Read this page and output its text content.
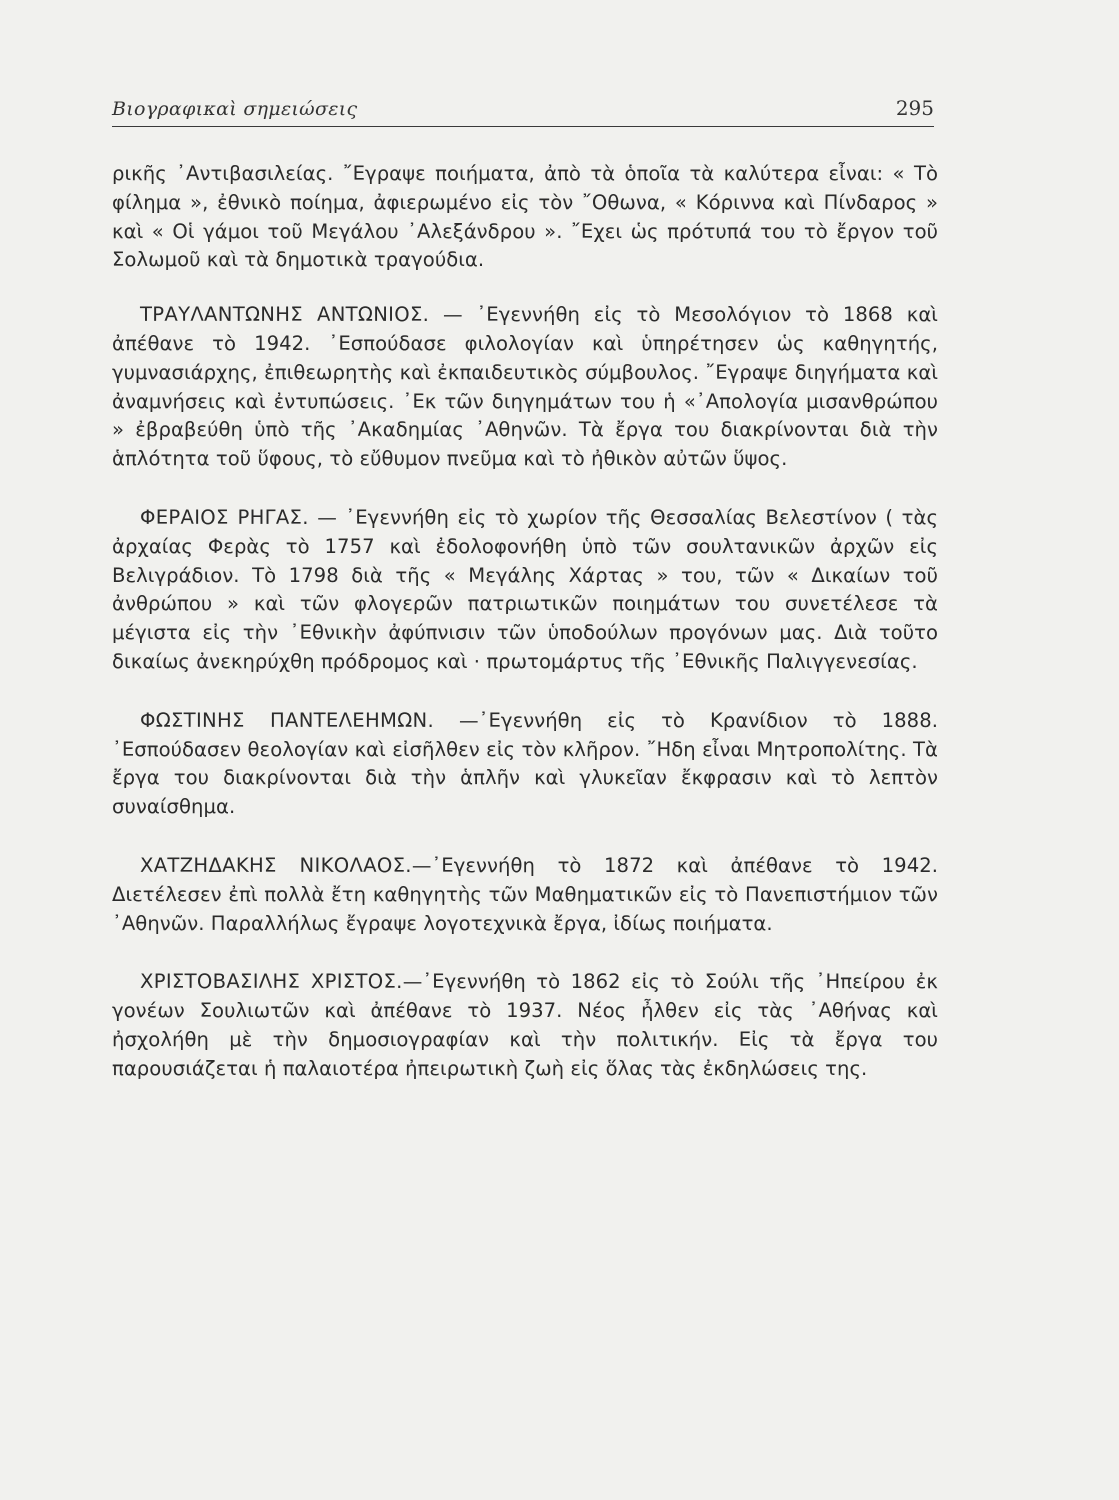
Βιογραφικαὶ σημειώσεις	295

ρικῆς ᾿Αντιβασιλείας. ῎Εγραψε ποιήματα, ἀπὸ τὰ ὁποῖα τὰ καλύτερα εἶναι: « Τὸ φίλημα », ἐθνικὸ ποίημα, ἀφιερωμένο εἰς τὸν ῎Οθωνα, « Κόριννα καὶ Πίνδαρος » καὶ « Οἱ γάμοι τοῦ Μεγάλου ᾿Αλεξάνδρου ». ῎Εχει ὡς πρότυπά του τὸ ἔργον τοῦ Σολωμοῦ καὶ τὰ δημοτικὰ τραγούδια.

ΤΡΑΥΛΑΝΤΩΝΗΣ ΑΝΤΩΝΙΟΣ. — ᾿Εγεννήθη εἰς τὸ Μεσολόγιον τὸ 1868 καὶ ἀπέθανε τὸ 1942. ᾿Εσπούδασε φιλολογίαν καὶ ὑπηρέτησεν ὡς καθηγητής, γυμνασιάρχης, ἐπιθεωρητὴς καὶ ἐκπαιδευτικὸς σύμβουλος. ῎Εγραψε διηγήματα καὶ ἀναμνήσεις καὶ ἐντυπώσεις. ᾿Εκ τῶν διηγημάτων του ἡ «᾿Απολογία μισανθρώπου » ἐβραβεύθη ὑπὸ τῆς ᾿Ακαδημίας ᾿Αθηνῶν. Τὰ ἔργα του διακρίνονται διὰ τὴν ἁπλότητα τοῦ ὕφους, τὸ εὔθυμον πνεῦμα καὶ τὸ ἠθικὸν αὐτῶν ὕψος.

ΦΕΡΑΙΟΣ ΡΗΓΑΣ. — ᾿Εγεννήθη εἰς τὸ χωρίον τῆς Θεσσαλίας Βελεστίνον ( τὰς ἀρχαίας Φερὰς τὸ 1757 καὶ ἐδολοφονήθη ὑπὸ τῶν σουλτανικῶν ἀρχῶν εἰς Βελιγράδιον. Τὸ 1798 διὰ τῆς « Μεγάλης Χάρτας » του, τῶν « Δικαίων τοῦ ἀνθρώπου » καὶ τῶν φλογερῶν πατριωτικῶν ποιημάτων του συνετέλεσε τὰ μέγιστα εἰς τὴν ᾿Εθνικὴν ἀφύπνισιν τῶν ὑποδούλων προγόνων μας. Διὰ τοῦτο δικαίως ἀνεκηρύχθη πρόδρομος καὶ · πρωτομάρτυς τῆς ᾿Εθνικῆς Παλιγγενεσίας.

ΦΩΣΤΙΝΗΣ ΠΑΝΤΕΛΕΗΜΩΝ. —᾿Εγεννήθη εἰς τὸ Κρανίδιον τὸ 1888. ᾿Εσπούδασεν θεολογίαν καὶ εἰσῆλθεν εἰς τὸν κλῆρον. ῎Ηδη εἶναι Μητροπολίτης. Τὰ ἔργα του διακρίνονται διὰ τὴν ἁπλῆν καὶ γλυκεῖαν ἔκφρασιν καὶ τὸ λεπτὸν συναίσθημα.

ΧΑΤΖΗΔΑΚΗΣ ΝΙΚΟΛΑΟΣ.—᾿Εγεννήθη τὸ 1872 καὶ ἀπέθανε τὸ 1942. Διετέλεσεν ἐπὶ πολλὰ ἔτη καθηγητὴς τῶν Μαθηματικῶν εἰς τὸ Πανεπιστήμιον τῶν ᾿Αθηνῶν. Παραλλήλως ἔγραψε λογοτεχνικὰ ἔργα, ἰδίως ποιήματα.

ΧΡΙΣΤΟΒΑΣΙΛΗΣ ΧΡΙΣΤΟΣ.—᾿Εγεννήθη τὸ 1862 εἰς τὸ Σούλι τῆς ᾿Ηπείρου ἐκ γονέων Σουλιωτῶν καὶ ἀπέθανε τὸ 1937. Νέος ἦλθεν εἰς τὰς ᾿Αθήνας καὶ ἠσχολήθη μὲ τὴν δημοσιογραφίαν καὶ τὴν πολιτικήν. Εἰς τὰ ἔργα του παρουσιάζεται ἡ παλαιοτέρα ἠπειρωτικὴ ζωὴ εἰς ὅλας τὰς ἐκδηλώσεις της.
